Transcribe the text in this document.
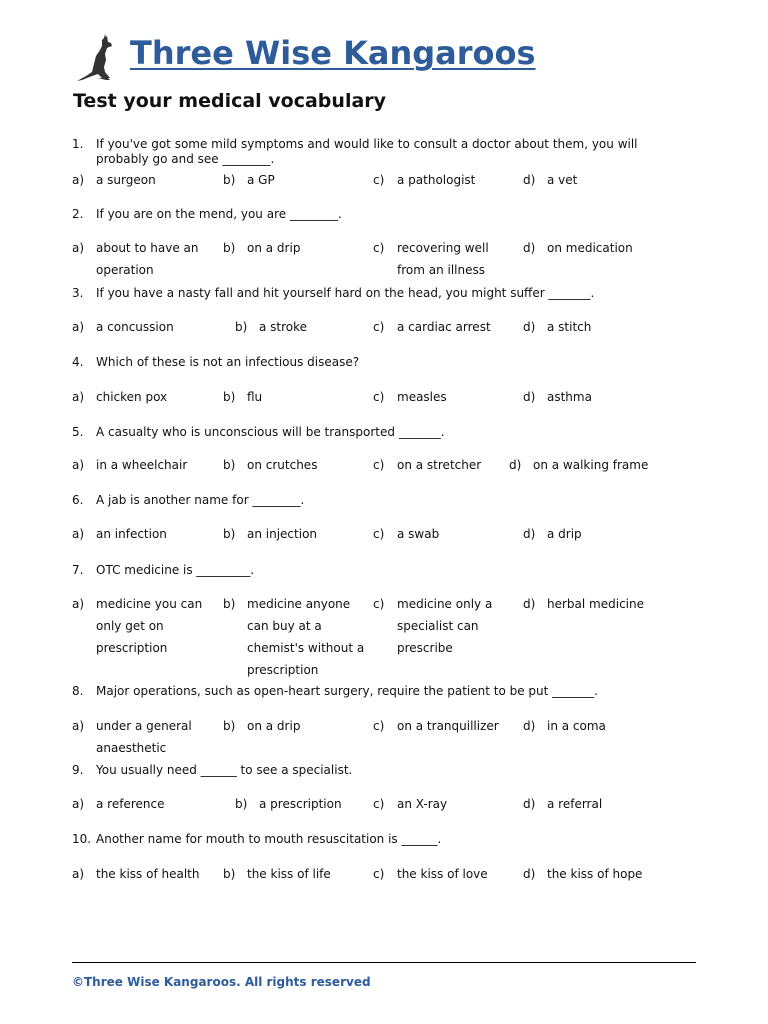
Three Wise Kangaroos
Test your medical vocabulary
1. If you've got some mild symptoms and would like to consult a doctor about them, you will probably go and see ________.
a) a surgeon	b) a GP	c) a pathologist	d) a vet
2. If you are on the mend, you are ________.
a) about to have an
operation
b) on a drip	c) recovering well
from an illness
d) on medication
3. If you have a nasty fall and hit yourself hard on the head, you might suffer _______.
a) a concussion	b) a stroke	c) a cardiac arrest	d) a stitch
4. Which of these is not an infectious disease?
a) chicken pox	b) flu	c) measles	d) asthma
5. A casualty who is unconscious will be transported _______.
a) in a wheelchair	b) on crutches	c) on a stretcher d) on a walking frame
6. A jab is another name for ________.
a) an infection	b) an injection	c) a swab	d) a drip
7. OTC medicine is _________.
a) medicine you can
only get on
prescription
b) medicine anyone
can buy at a
chemist's without a
prescription
c) medicine only a
specialist can
prescribe
d) herbal medicine
8. Major operations, such as open-heart surgery, require the patient to be put _______.
a) under a general
anaesthetic
b) on a drip	c) on a tranquillizer d) in a coma
9. You usually need ______ to see a specialist.
a) a reference	b) a prescription	c) an X-ray	d) a referral
10. Another name for mouth to mouth resuscitation is ______.
a) the kiss of health b) the kiss of life	c) the kiss of love	d) the kiss of hope
©Three Wise Kangaroos. All rights reserved
